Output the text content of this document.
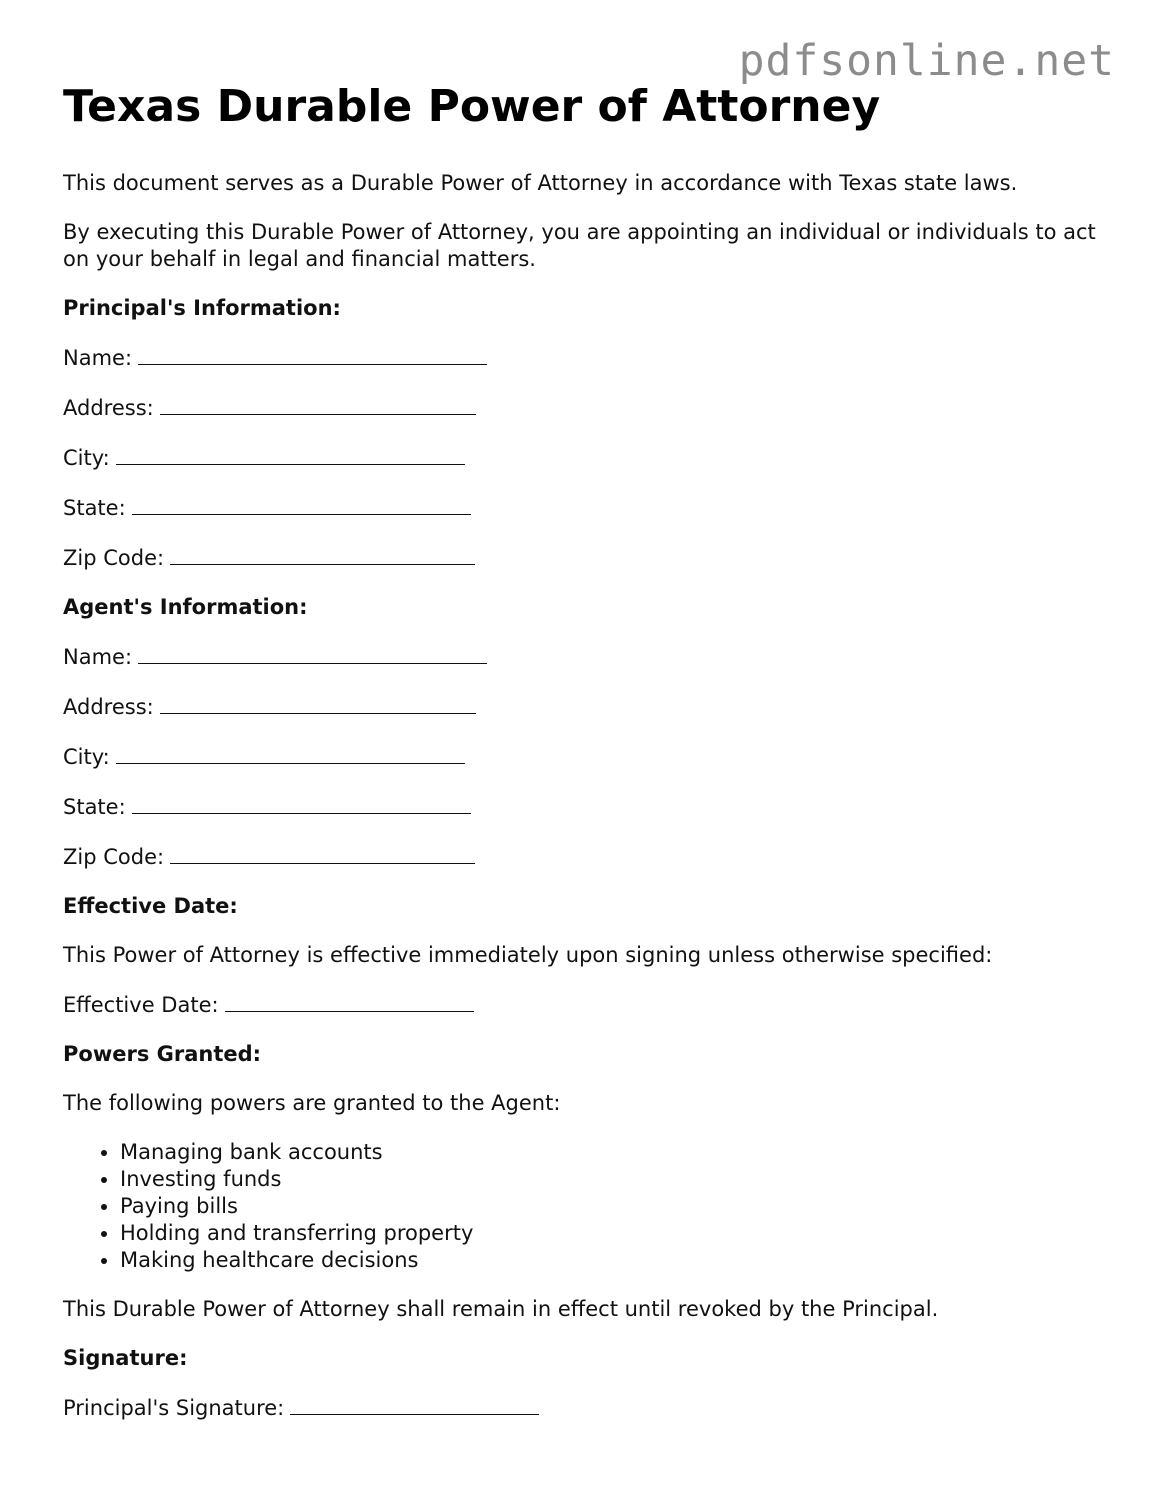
pdfsonline.net
Texas Durable Power of Attorney

This document serves as a Durable Power of Attorney in accordance with Texas state laws.

By executing this Durable Power of Attorney, you are appointing an individual or individuals to act on your behalf in legal and financial matters.

Principal's Information:

Name:

Address:

City:

State:

Zip Code:

Agent's Information:

Name:

Address:

City:

State:

Zip Code:

Effective Date:

This Power of Attorney is effective immediately upon signing unless otherwise specified:

Effective Date:

Powers Granted:

The following powers are granted to the Agent:

• Managing bank accounts
• Investing funds
• Paying bills
• Holding and transferring property
• Making healthcare decisions

This Durable Power of Attorney shall remain in effect until revoked by the Principal.

Signature:

Principal's Signature:
